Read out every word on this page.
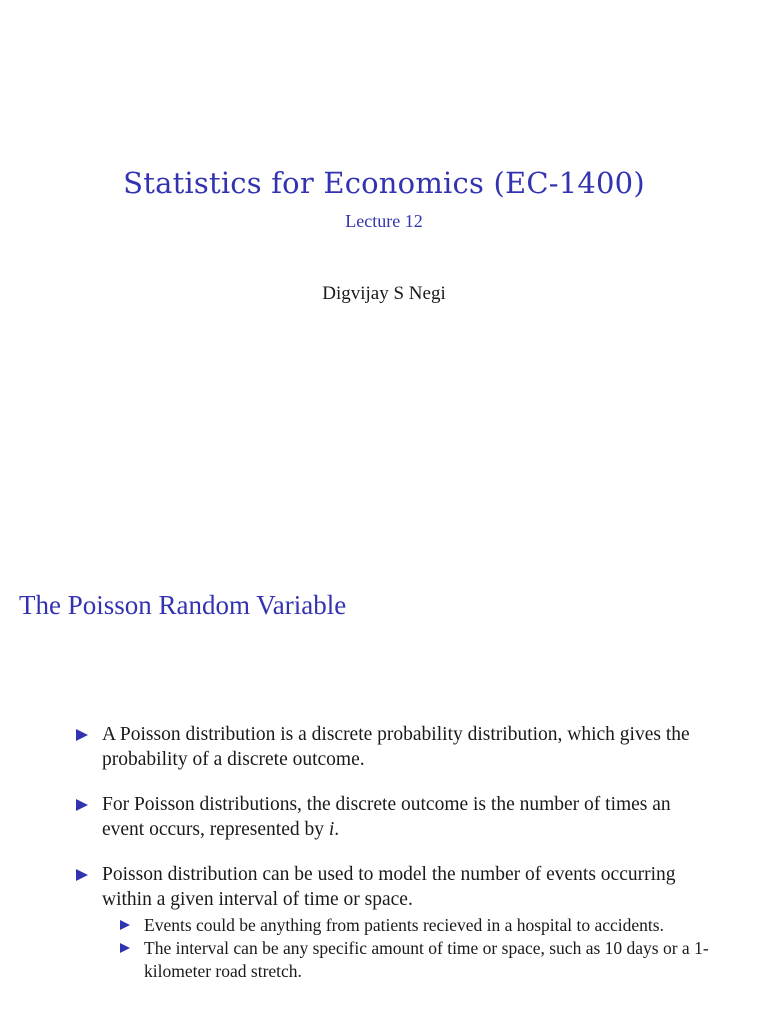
Statistics for Economics (EC-1400)
Lecture 12
Digvijay S Negi
The Poisson Random Variable
A Poisson distribution is a discrete probability distribution, which gives the probability of a discrete outcome.
For Poisson distributions, the discrete outcome is the number of times an event occurs, represented by i.
Poisson distribution can be used to model the number of events occurring within a given interval of time or space.
Events could be anything from patients recieved in a hospital to accidents.
The interval can be any specific amount of time or space, such as 10 days or a 1-kilometer road stretch.
